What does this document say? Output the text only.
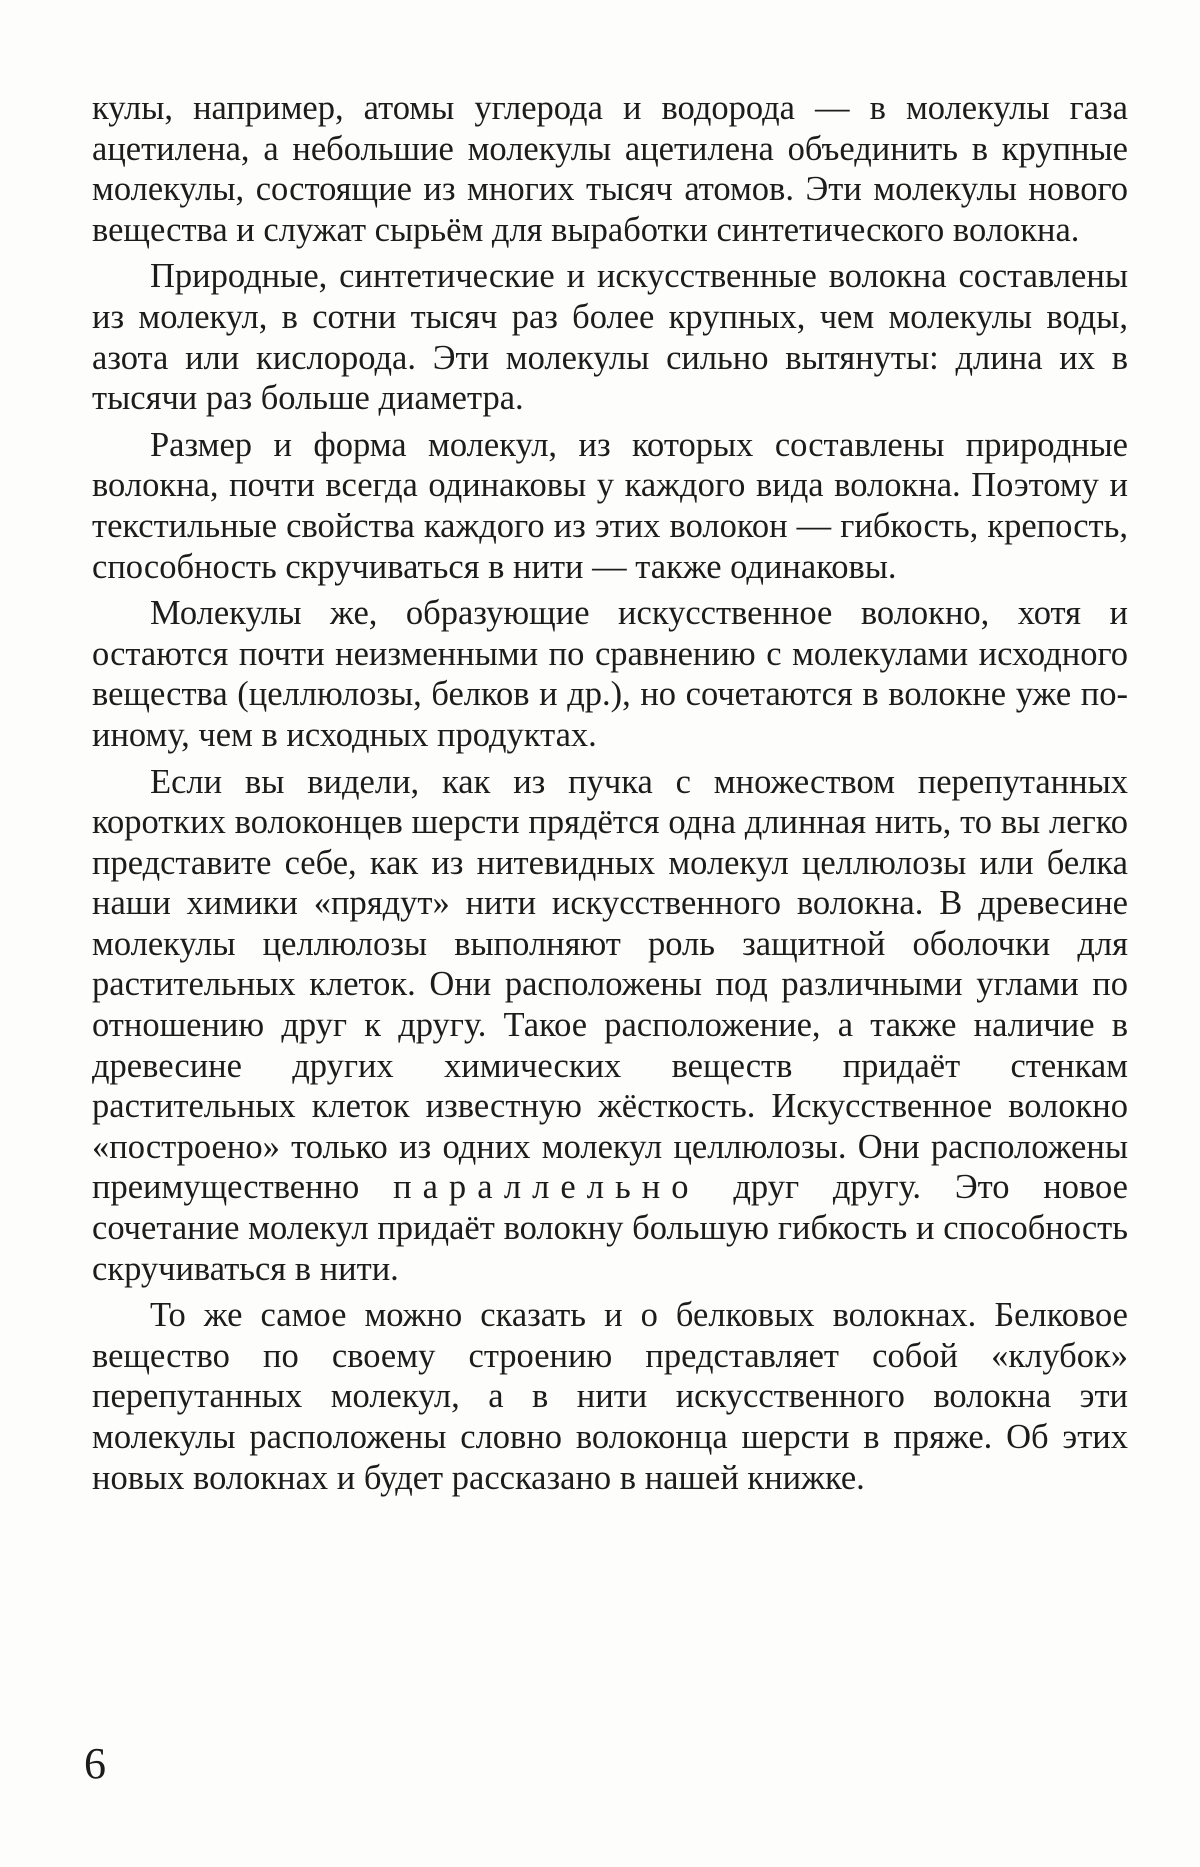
кулы, например, атомы углерода и водорода — в молекулы газа ацетилена, а небольшие молекулы ацетилена объединить в крупные молекулы, состоящие из многих тысяч атомов. Эти молекулы нового вещества и служат сырьём для выработки синтетического волокна.

Природные, синтетические и искусственные волокна составлены из молекул, в сотни тысяч раз более крупных, чем молекулы воды, азота или кислорода. Эти молекулы сильно вытянуты: длина их в тысячи раз больше диаметра.

Размер и форма молекул, из которых составлены природные волокна, почти всегда одинаковы у каждого вида волокна. Поэтому и текстильные свойства каждого из этих волокон — гибкость, крепость, способность скручиваться в нити — также одинаковы.

Молекулы же, образующие искусственное волокно, хотя и остаются почти неизменными по сравнению с молекулами исходного вещества (целлюлозы, белков и др.), но сочетаются в волокне уже по-иному, чем в исходных продуктах.

Если вы видели, как из пучка с множеством перепутанных коротких волоконцев шерсти прядётся одна длинная нить, то вы легко представите себе, как из нитевидных молекул целлюлозы или белка наши химики «прядут» нити искусственного волокна. В древесине молекулы целлюлозы выполняют роль защитной оболочки для растительных клеток. Они расположены под различными углами по отношению друг к другу. Такое расположение, а также наличие в древесине других химических веществ придаёт стенкам растительных клеток известную жёсткость. Искусственное волокно «построено» только из одних молекул целлюлозы. Они расположены преимущественно параллельно друг другу. Это новое сочетание молекул придаёт волокну большую гибкость и способность скручиваться в нити.

То же самое можно сказать и о белковых волокнах. Белковое вещество по своему строению представляет собой «клубок» перепутанных молекул, а в нити искусственного волокна эти молекулы расположены словно волоконца шерсти в пряже. Об этих новых волокнах и будет рассказано в нашей книжке.

6
